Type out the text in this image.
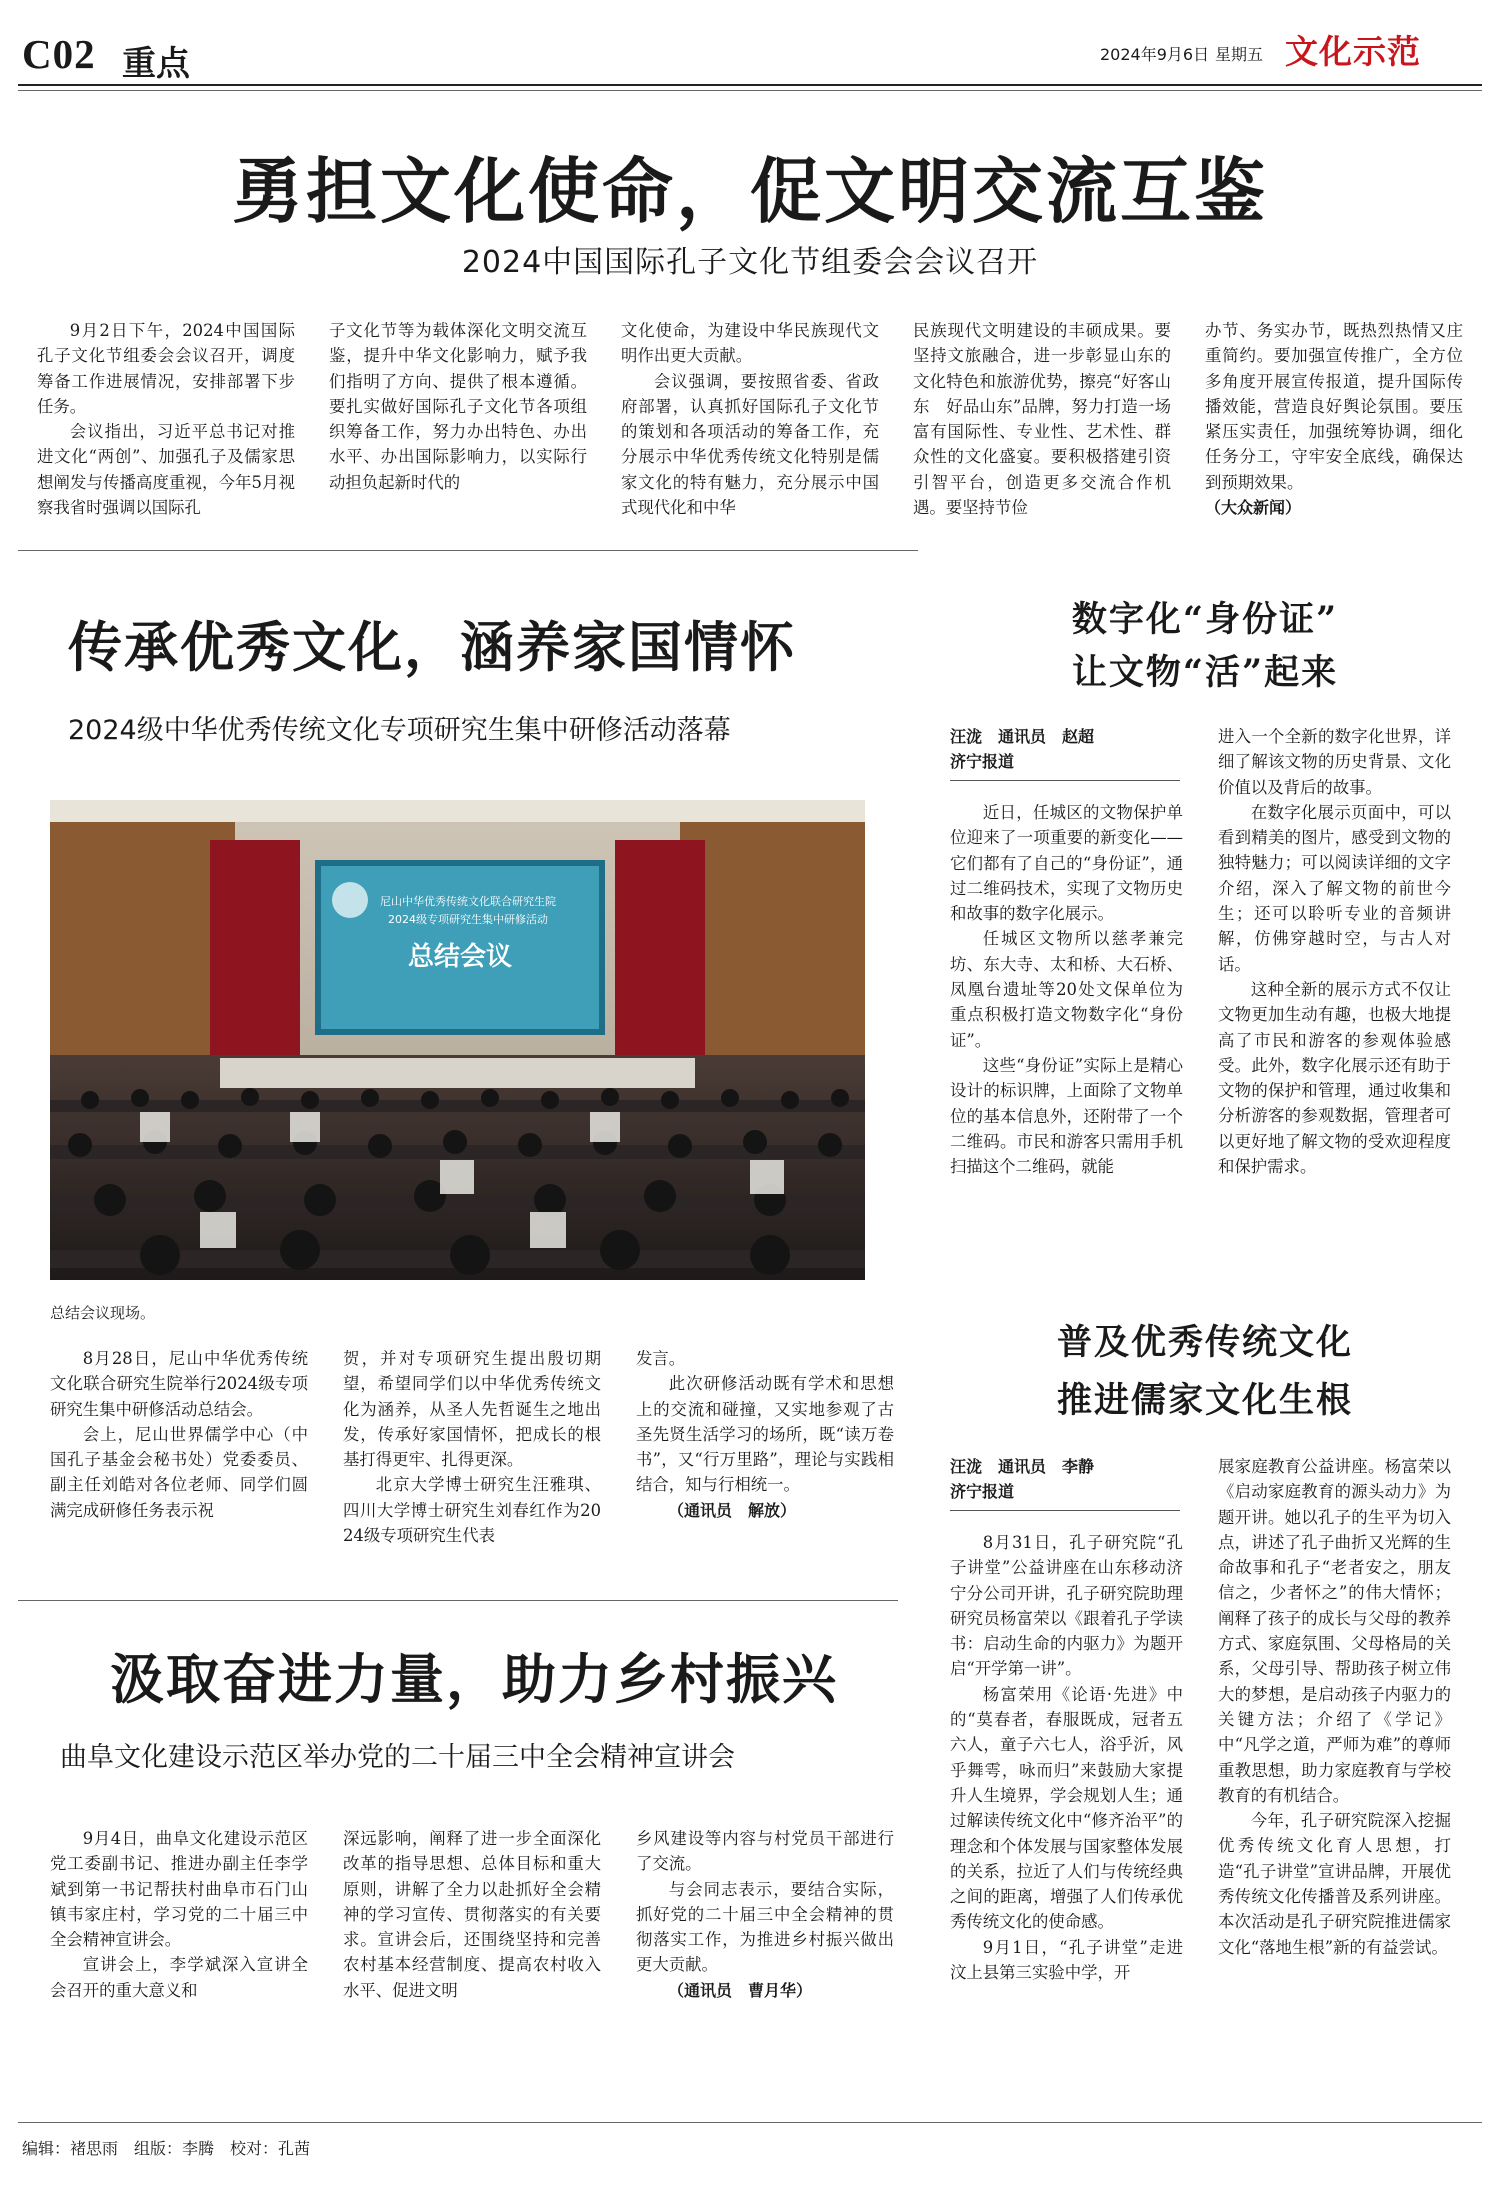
C02 重点	2024年9月6日 星期五 文化示范
勇担文化使命，促文明交流互鉴
2024中国国际孔子文化节组委会会议召开

9月2日下午，2024中国国际孔子文化节组委会会议召开，调度筹备工作进展情况，安排部署下步任务。

会议指出，习近平总书记对推进文化“两创”、加强孔子及儒家思想阐发与传播高度重视，今年5月视察我省时强调以国际孔

子文化节等为载体深化文明交流互鉴，提升中华文化影响力，赋予我们指明了方向、提供了根本遵循。要扎实做好国际孔子文化节各项组织筹备工作，努力办出特色、办出水平、办出国际影响力，以实际行动担负起新时代的

文化使命，为建设中华民族现代文明作出更大贡献。

会议强调，要按照省委、省政府部署，认真抓好国际孔子文化节的策划和各项活动的筹备工作，充分展示中华优秀传统文化特别是儒家文化的特有魅力，充分展示中国式现代化和中华

民族现代文明建设的丰硕成果。要坚持文旅融合，进一步彰显山东的文化特色和旅游优势，擦亮“好客山东　好品山东”品牌，努力打造一场富有国际性、专业性、艺术性、群众性的文化盛宴。要积极搭建引资引智平台，创造更多交流合作机遇。要坚持节俭

办节、务实办节，既热烈热情又庄重简约。要加强宣传推广，全方位多角度开展宣传报道，提升国际传播效能，营造良好舆论氛围。要压紧压实责任，加强统筹协调，细化任务分工，守牢安全底线，确保达到预期效果。

（大众新闻）

传承优秀文化，涵养家国情怀
2024级中华优秀传统文化专项研究生集中研修活动落幕
尼山中华优秀传统文化联合研究生院
2024级专项研究生集中研修活动
总结会议
总结会议现场。

8月28日，尼山中华优秀传统文化联合研究生院举行2024级专项研究生集中研修活动总结会。

会上，尼山世界儒学中心（中国孔子基金会秘书处）党委委员、副主任刘皓对各位老师、同学们圆满完成研修任务表示祝

贺，并对专项研究生提出殷切期望，希望同学们以中华优秀传统文化为涵养，从圣人先哲诞生之地出发，传承好家国情怀，把成长的根基打得更牢、扎得更深。

北京大学博士研究生汪雅琪、四川大学博士研究生刘春红作为2024级专项研究生代表

发言。

此次研修活动既有学术和思想上的交流和碰撞，又实地参观了古圣先贤生活学习的场所，既“读万卷书”，又“行万里路”，理论与实践相结合，知与行相统一。

（通讯员　解放）

汲取奋进力量，助力乡村振兴
曲阜文化建设示范区举办党的二十届三中全会精神宣讲会

9月4日，曲阜文化建设示范区党工委副书记、推进办副主任李学斌到第一书记帮扶村曲阜市石门山镇韦家庄村，学习党的二十届三中全会精神宣讲会。

宣讲会上，李学斌深入宣讲全会召开的重大意义和

深远影响，阐释了进一步全面深化改革的指导思想、总体目标和重大原则，讲解了全力以赴抓好全会精神的学习宣传、贯彻落实的有关要求。宣讲会后，还围绕坚持和完善农村基本经营制度、提高农村收入水平、促进文明

乡风建设等内容与村党员干部进行了交流。

与会同志表示，要结合实际，抓好党的二十届三中全会精神的贯彻落实工作，为推进乡村振兴做出更大贡献。

（通讯员　曹月华）

数字化“身份证”
让文物“活”起来
汪泷　通讯员　赵超
济宁报道

近日，任城区的文物保护单位迎来了一项重要的新变化——它们都有了自己的“身份证”，通过二维码技术，实现了文物历史和故事的数字化展示。

任城区文物所以慈孝兼完坊、东大寺、太和桥、大石桥、凤凰台遗址等20处文保单位为重点积极打造文物数字化“身份证”。

这些“身份证”实际上是精心设计的标识牌，上面除了文物单位的基本信息外，还附带了一个二维码。市民和游客只需用手机扫描这个二维码，就能

进入一个全新的数字化世界，详细了解该文物的历史背景、文化价值以及背后的故事。

在数字化展示页面中，可以看到精美的图片，感受到文物的独特魅力；可以阅读详细的文字介绍，深入了解文物的前世今生；还可以聆听专业的音频讲解，仿佛穿越时空，与古人对话。

这种全新的展示方式不仅让文物更加生动有趣，也极大地提高了市民和游客的参观体验感受。此外，数字化展示还有助于文物的保护和管理，通过收集和分析游客的参观数据，管理者可以更好地了解文物的受欢迎程度和保护需求。

普及优秀传统文化
推进儒家文化生根
汪泷　通讯员　李静
济宁报道

8月31日，孔子研究院“孔子讲堂”公益讲座在山东移动济宁分公司开讲，孔子研究院助理研究员杨富荣以《跟着孔子学读书：启动生命的内驱力》为题开启“开学第一讲”。

杨富荣用《论语·先进》中的“莫春者，春服既成，冠者五六人，童子六七人，浴乎沂，风乎舞雩，咏而归”来鼓励大家提升人生境界，学会规划人生；通过解读传统文化中“修齐治平”的理念和个体发展与国家整体发展的关系，拉近了人们与传统经典之间的距离，增强了人们传承优秀传统文化的使命感。

9月1日，“孔子讲堂”走进汶上县第三实验中学，开

展家庭教育公益讲座。杨富荣以《启动家庭教育的源头动力》为题开讲。她以孔子的生平为切入点，讲述了孔子曲折又光辉的生命故事和孔子“老者安之，朋友信之，少者怀之”的伟大情怀；阐释了孩子的成长与父母的教养方式、家庭氛围、父母格局的关系，父母引导、帮助孩子树立伟大的梦想，是启动孩子内驱力的关键方法；介绍了《学记》中“凡学之道，严师为难”的尊师重教思想，助力家庭教育与学校教育的有机结合。

今年，孔子研究院深入挖掘优秀传统文化育人思想，打造“孔子讲堂”宣讲品牌，开展优秀传统文化传播普及系列讲座。本次活动是孔子研究院推进儒家文化“落地生根”新的有益尝试。

编辑：褚思雨　组版：李腾　校对：孔茜
